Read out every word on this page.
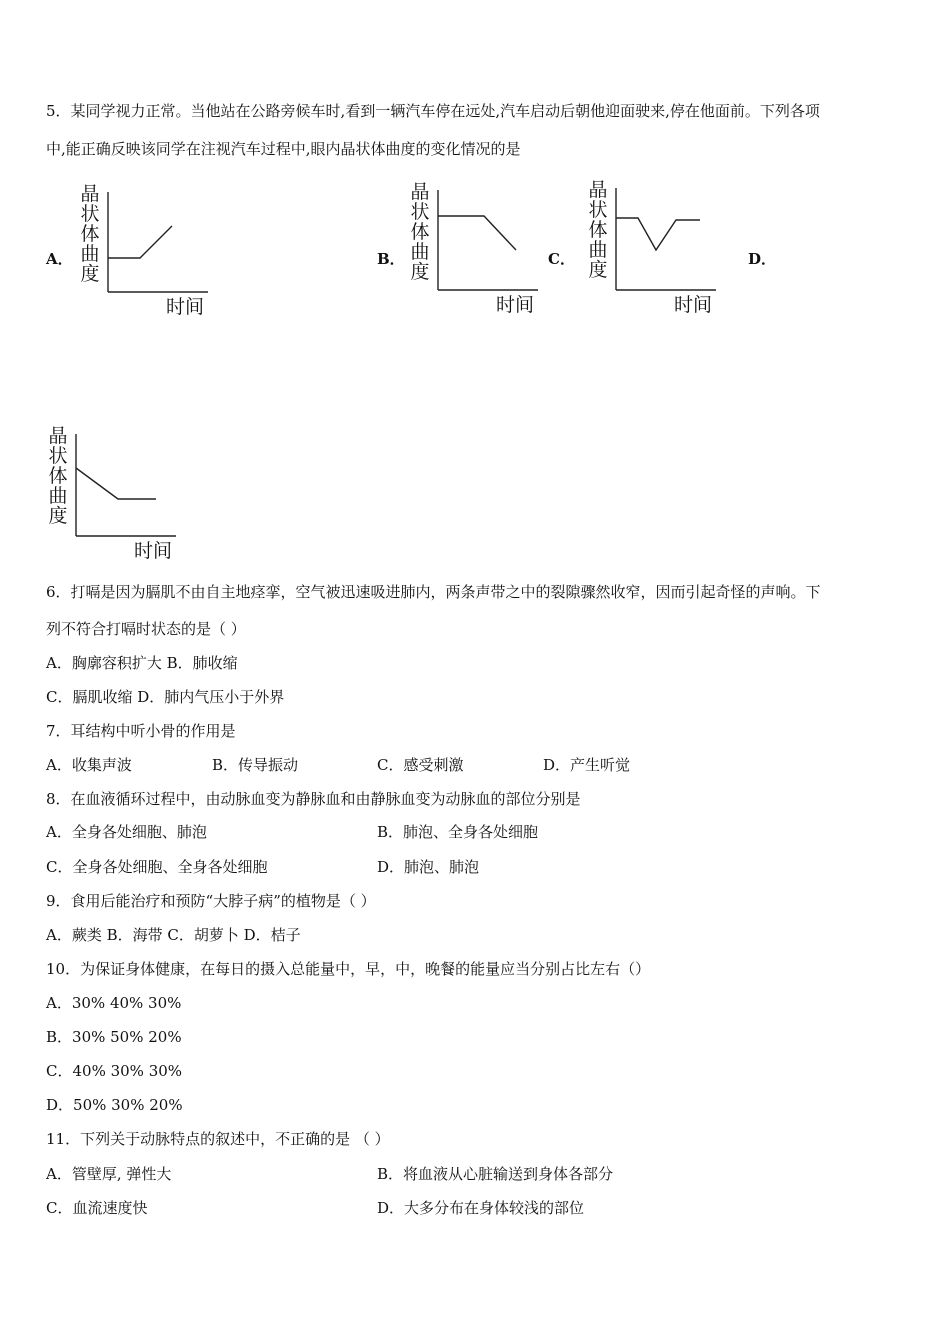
5．某同学视力正常。当他站在公路旁候车时,看到一辆汽车停在远处,汽车启动后朝他迎面驶来,停在他面前。下列各项
中,能正确反映该同学在注视汽车过程中,眼内晶状体曲度的变化情况的是
A．
晶
状
体
曲
度
时间
B．
晶
状
体
曲
度
时间
C．
晶
状
体
曲
度
时间
D．
晶
状
体
曲
度
时间
6．打嗝是因为膈肌不由自主地痉挛，空气被迅速吸进肺内，两条声带之中的裂隙骤然收窄，因而引起奇怪的声响。下
列不符合打嗝时状态的是（ ）
A．胸廓容积扩大 B．肺收缩
C．膈肌收缩 D．肺内气压小于外界
7．耳结构中听小骨的作用是
A．收集声波	B．传导振动	C．感受刺激	D．产生听觉
8．在血液循环过程中，由动脉血变为静脉血和由静脉血变为动脉血的部位分别是
A．全身各处细胞、肺泡	B．肺泡、全身各处细胞
C．全身各处细胞、全身各处细胞	D．肺泡、肺泡
9．食用后能治疗和预防“大脖子病”的植物是（ ）
A．蕨类 B．海带 C．胡萝卜 D．桔子
10．为保证身体健康，在每日的摄入总能量中，早，中，晚餐的能量应当分别占比左右（）
A．30% 40% 30%
B．30% 50% 20%
C．40% 30% 30%
D．50% 30% 20%
11．下列关于动脉特点的叙述中，不正确的是 （ ）
A．管壁厚, 弹性大	B．将血液从心脏输送到身体各部分
C．血流速度快	D．大多分布在身体较浅的部位
